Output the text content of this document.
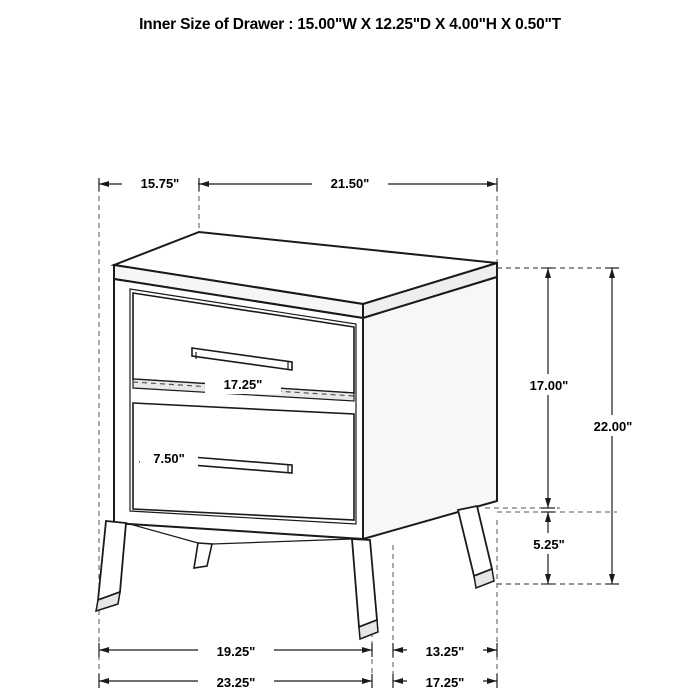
Inner Size of Drawer : 15.00"W X 12.25"D X 4.00"H X 0.50"T
15.75"	21.50"
17.25"
7.50"
17.00"
22.00"
5.25"
19.25"	13.25"
23.25"	17.25"
